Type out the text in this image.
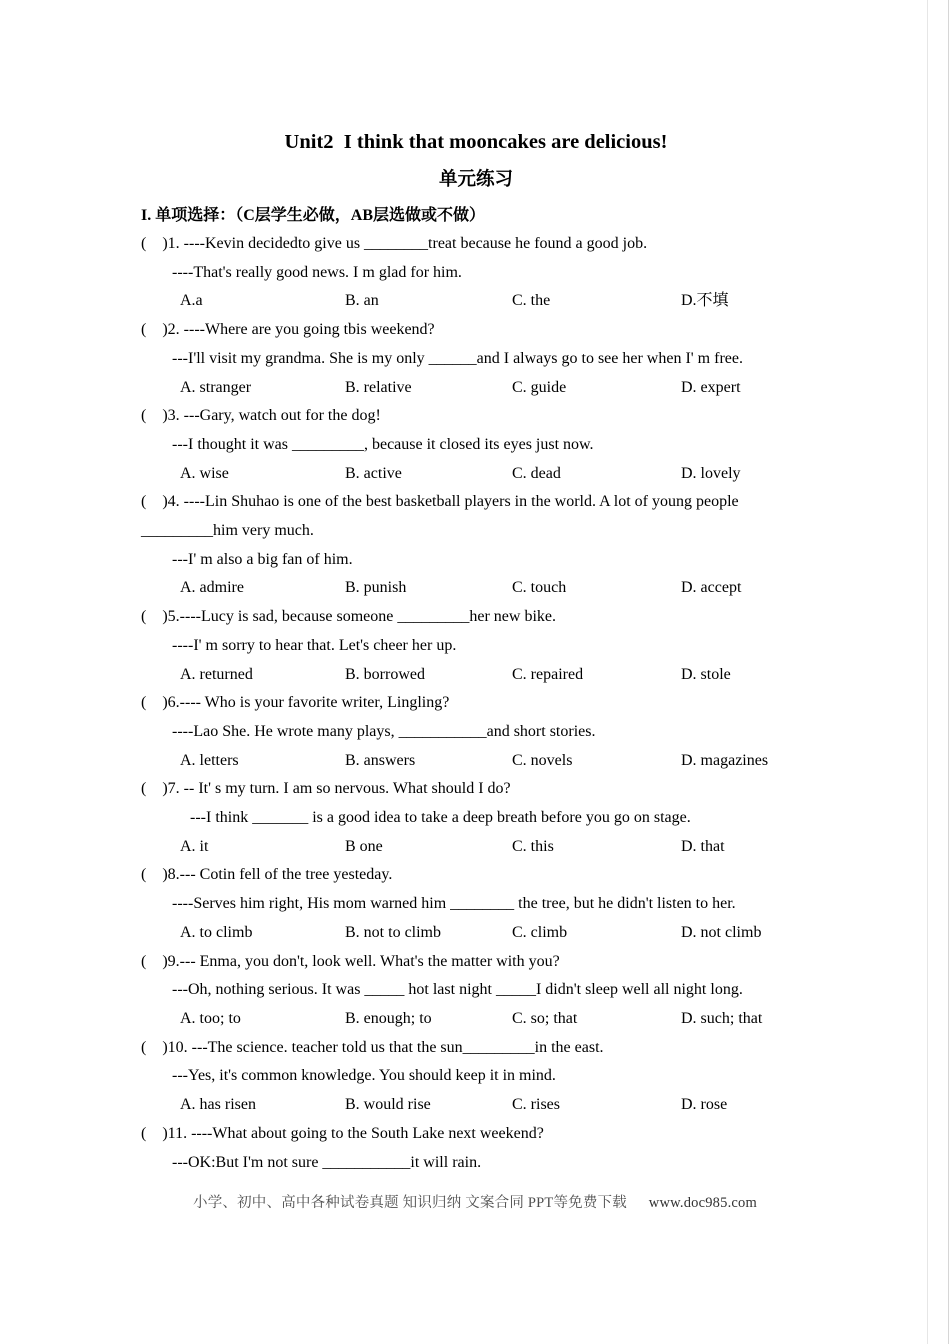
Unit2  I think that mooncakes are delicious!
单元练习
I. 单项选择：（C层学生必做，AB层选做或不做）
(    )1. ----Kevin decidedto give us ________treat because he found a good job.
----That's really good news. I m glad for him.
A.a	B. an	C. the	D.不填
(    )2. ----Where are you going tbis weekend?
---I'll visit my grandma. She is my only ______and I always go to see her when I' m free.
A. stranger	B. relative	C. guide	D. expert
(    )3. ---Gary, watch out for the dog!
---I thought it was _________, because it closed its eyes just now.
A. wise	B. active	C. dead	D. lovely
(    )4. ----Lin Shuhao is one of the best basketball players in the world. A lot of young people
_________him very much.
---I' m also a big fan of him.
A. admire	B. punish	C. touch	D. accept
(    )5.----Lucy is sad, because someone _________her new bike.
----I' m sorry to hear that. Let's cheer her up.
A. returned	B. borrowed	C. repaired	D. stole
(    )6.---- Who is your favorite writer, Lingling?
----Lao She. He wrote many plays, ___________and short stories.
A. letters	B. answers	C. novels	D. magazines
(    )7. -- It' s my turn. I am so nervous. What should I do?
---I think _______ is a good idea to take a deep breath before you go on stage.
A. it	B one	C. this	D. that
(    )8.--- Cotin fell of the tree yesteday.
----Serves him right, His mom warned him ________ the tree, but he didn't listen to her.
A. to climb	B. not to climb	C. climb	D. not climb
(    )9.--- Enma, you don't, look well. What's the matter with you?
---Oh, nothing serious. It was _____ hot last night _____I didn't sleep well all night long.
A. too; to	B. enough; to	C. so; that	D. such; that
(    )10. ---The science. teacher told us that the sun_________in the east.
---Yes, it's common knowledge. You should keep it in mind.
A. has risen	B. would rise	C. rises	D. rose
(    )11. ----What about going to the South Lake next weekend?
---OK:But I'm not sure ___________it will rain.
小学、初中、高中各种试卷真题 知识归纳 文案合同 PPT等免费下载 www.doc985.com
